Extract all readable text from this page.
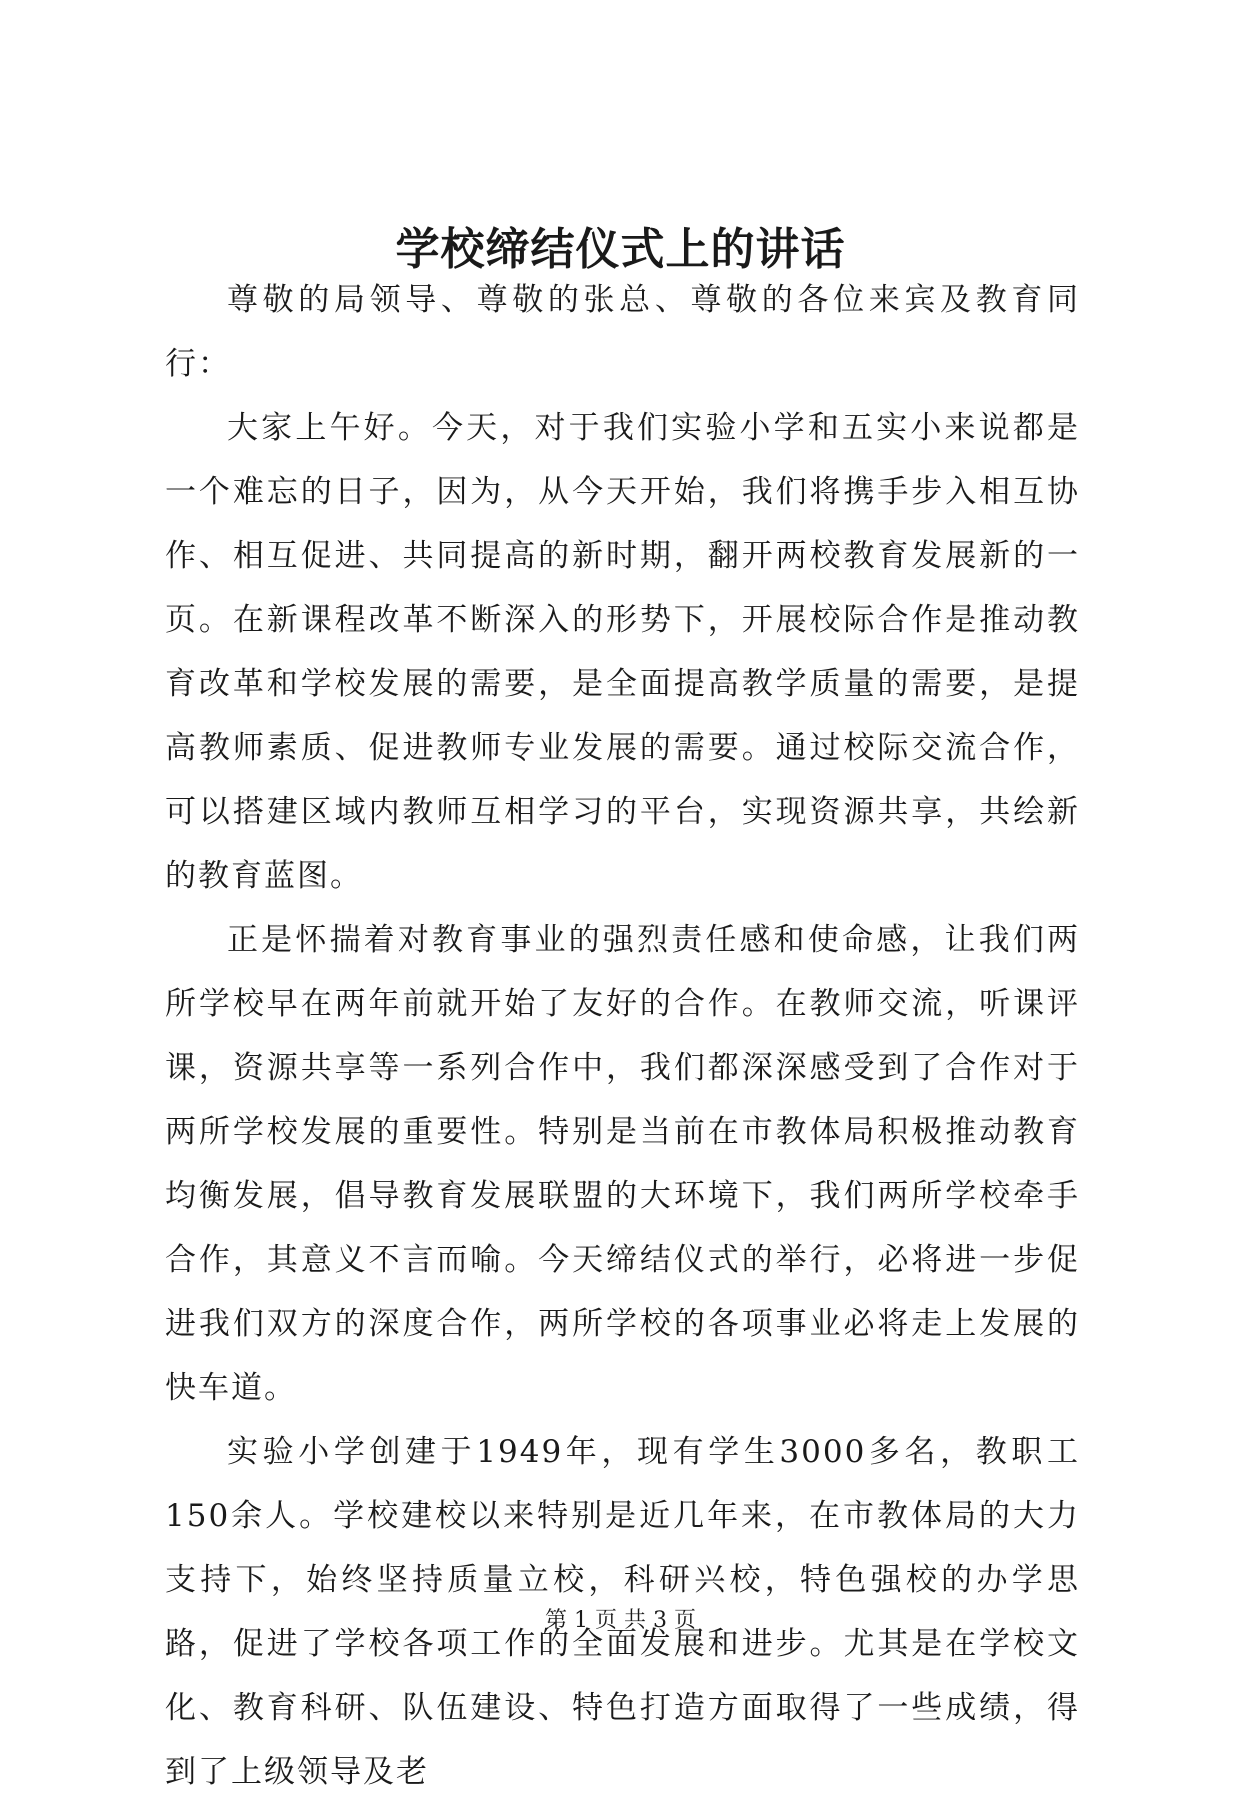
学校缔结仪式上的讲话

尊敬的局领导、尊敬的张总、尊敬的各位来宾及教育同行：

大家上午好。今天，对于我们实验小学和五实小来说都是一个难忘的日子，因为，从今天开始，我们将携手步入相互协作、相互促进、共同提高的新时期，翻开两校教育发展新的一页。在新课程改革不断深入的形势下，开展校际合作是推动教育改革和学校发展的需要，是全面提高教学质量的需要，是提高教师素质、促进教师专业发展的需要。通过校际交流合作，可以搭建区域内教师互相学习的平台，实现资源共享，共绘新的教育蓝图。

正是怀揣着对教育事业的强烈责任感和使命感，让我们两所学校早在两年前就开始了友好的合作。在教师交流，听课评课，资源共享等一系列合作中，我们都深深感受到了合作对于两所学校发展的重要性。特别是当前在市教体局积极推动教育均衡发展，倡导教育发展联盟的大环境下，我们两所学校牵手合作，其意义不言而喻。今天缔结仪式的举行，必将进一步促进我们双方的深度合作，两所学校的各项事业必将走上发展的快车道。

实验小学创建于1949年，现有学生3000多名，教职工150余人。学校建校以来特别是近几年来，在市教体局的大力支持下，始终坚持质量立校，科研兴校，特色强校的办学思路，促进了学校各项工作的全面发展和进步。尤其是在学校文化、教育科研、队伍建设、特色打造方面取得了一些成绩，得到了上级领导及老

第 1 页 共 3 页
